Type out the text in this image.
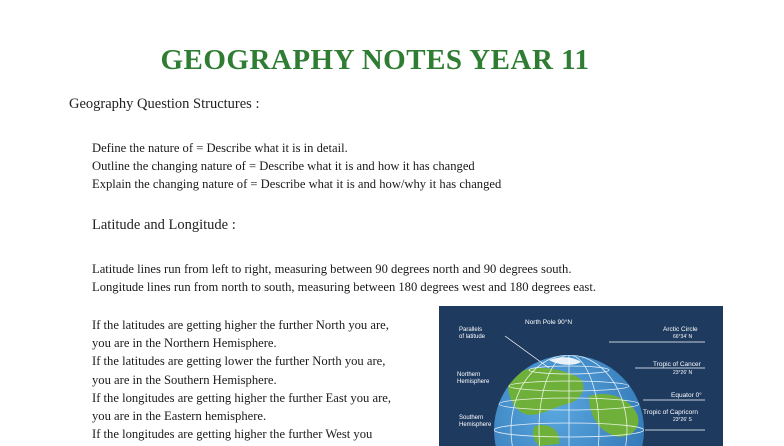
GEOGRAPHY NOTES YEAR 11
Geography Question Structures :
Define the nature of = Describe what it is in detail.
Outline the changing nature of = Describe what it is and how it has changed
Explain the changing nature of = Describe what it is and how/why it has changed
Latitude and Longitude :
Latitude lines run from left to right, measuring between 90 degrees north and 90 degrees south.
Longitude lines run from north to south, measuring between 180 degrees west and 180 degrees east.
If the latitudes are getting higher the further North you are,
you are in the Northern Hemisphere.
If the latitudes are getting lower the further North you are,
you are in the Southern Hemisphere.
If the longitudes are getting higher the further East you are,
you are in the Eastern hemisphere.
If the longitudes are getting higher the further West you
North Pole 90°N
Parallels
of latitude
Northern
Hemisphere
Southern
Hemisphere
Arctic Circle
66°34′ N
Tropic of Cancer
23°26′ N
Equator 0°
Tropic of Capricorn
23°26′ S
